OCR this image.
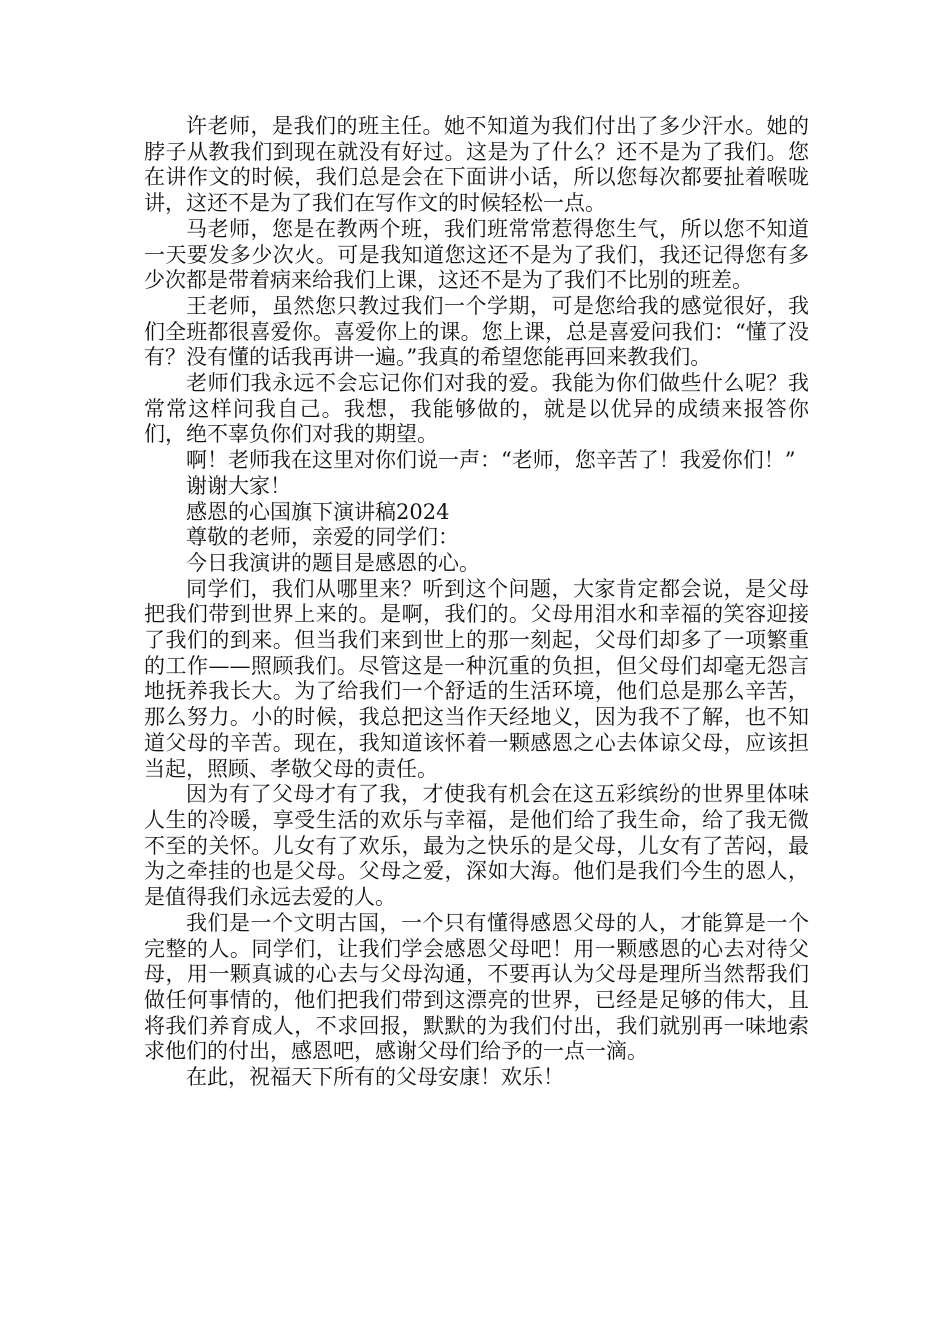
许老师，是我们的班主任。她不知道为我们付出了多少汗水。她的脖子从教我们到现在就没有好过。这是为了什么？还不是为了我们。您在讲作文的时候，我们总是会在下面讲小话，所以您每次都要扯着喉咙讲，这还不是为了我们在写作文的时候轻松一点。

马老师，您是在教两个班，我们班常常惹得您生气，所以您不知道一天要发多少次火。可是我知道您这还不是为了我们，我还记得您有多少次都是带着病来给我们上课，这还不是为了我们不比别的班差。

王老师，虽然您只教过我们一个学期，可是您给我的感觉很好，我们全班都很喜爱你。喜爱你上的课。您上课，总是喜爱问我们：“懂了没有？没有懂的话我再讲一遍。”我真的希望您能再回来教我们。

老师们我永远不会忘记你们对我的爱。我能为你们做些什么呢？我常常这样问我自己。我想，我能够做的，就是以优异的成绩来报答你们，绝不辜负你们对我的期望。

啊！老师我在这里对你们说一声：“老师，您辛苦了！我爱你们！”

谢谢大家！

感恩的心国旗下演讲稿2024

尊敬的老师，亲爱的同学们：

今日我演讲的题目是感恩的心。

同学们，我们从哪里来？听到这个问题，大家肯定都会说，是父母把我们带到世界上来的。是啊，我们的。父母用泪水和幸福的笑容迎接了我们的到来。但当我们来到世上的那一刻起，父母们却多了一项繁重的工作——照顾我们。尽管这是一种沉重的负担，但父母们却毫无怨言地抚养我长大。为了给我们一个舒适的生活环境，他们总是那么辛苦，那么努力。小的时候，我总把这当作天经地义，因为我不了解，也不知道父母的辛苦。现在，我知道该怀着一颗感恩之心去体谅父母，应该担当起，照顾、孝敬父母的责任。

因为有了父母才有了我，才使我有机会在这五彩缤纷的世界里体味人生的冷暖，享受生活的欢乐与幸福，是他们给了我生命，给了我无微不至的关怀。儿女有了欢乐，最为之快乐的是父母，儿女有了苦闷，最为之牵挂的也是父母。父母之爱，深如大海。他们是我们今生的恩人，是值得我们永远去爱的人。

我们是一个文明古国，一个只有懂得感恩父母的人，才能算是一个完整的人。同学们，让我们学会感恩父母吧！用一颗感恩的心去对待父母，用一颗真诚的心去与父母沟通，不要再认为父母是理所当然帮我们做任何事情的，他们把我们带到这漂亮的世界，已经是足够的伟大，且将我们养育成人，不求回报，默默的为我们付出，我们就别再一味地索求他们的付出，感恩吧，感谢父母们给予的一点一滴。

在此，祝福天下所有的父母安康！欢乐！
